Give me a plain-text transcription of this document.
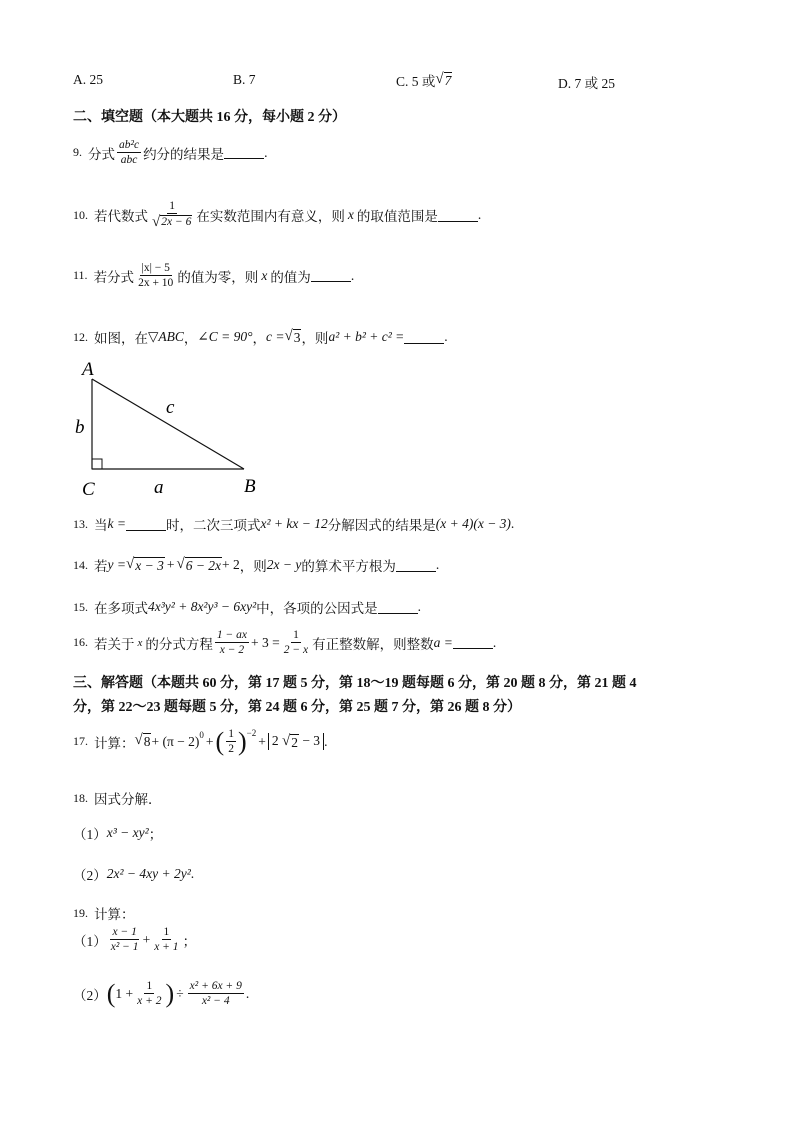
A. 25	B. 7	C. 5 或 √ 7	D. 7 或 25
二、填空题（本大题共 16 分，每小题 2 分）
9. 分式 $\frac{\text{ab²c}}{\text{abc}}$ 约分的结果是	.
10. 若代数式 $\frac{1}{√ 2x - 6}$ 在实数范围内有意义，则 x 的取值范围是	.
11. 若分式 $\frac{|x| - 5}{2x + 10}$ 的值为零，则 x 的值为	.
12. 如图，在 ▽ABC ， ∠C = 90° ， c = √ 3 ，则 a² + b² + c² =	.
A
B
C	a
b
c
13. 当 k =	时，二次三项式 x² + kx − 12 分解因式的结果是 (x + 4)(x − 3) .
14. 若 y = √ x − 3 + √ 6 − 2x + 2 ，则 2x − y 的算术平方根为	.
15. 在多项式 4x³y² + 8x²y³ − 6xy² 中，各项的公因式是	.
16. 若关于 x 的分式方程 $\frac{1 - ax}{x - 2} + 3 = \frac{1}{2 - x}$ 有正整数解，则整数 a =	.
三、解答题（本题共 60 分，第 17 题 5 分，第 18～19 题每题 6 分，第 20 题 8 分，第 21 题 4
分，第 22～23 题每题 5 分，第 24 题 6 分，第 25 题 7 分，第 26 题 8 分）
17. 计算： √ $8 + (\pi - 2)^0$ + ( $\frac{1}{2} )^{-2}$
+ 2 √ 2 − 3 .
18. 因式分解．
（1） x³ − xy² ；
（2） 2x² − 4xy + 2y² .
19. 计算：
$(1) \frac{x - 1}{\text{x² − 1}} + \frac{1}{x + 1}$ ；
（2） ( $1 + \frac{1}{x + 2}$ ) ÷ $\frac{\text{x² + 6x + 9}}{\text{x² − 4}}$ .
